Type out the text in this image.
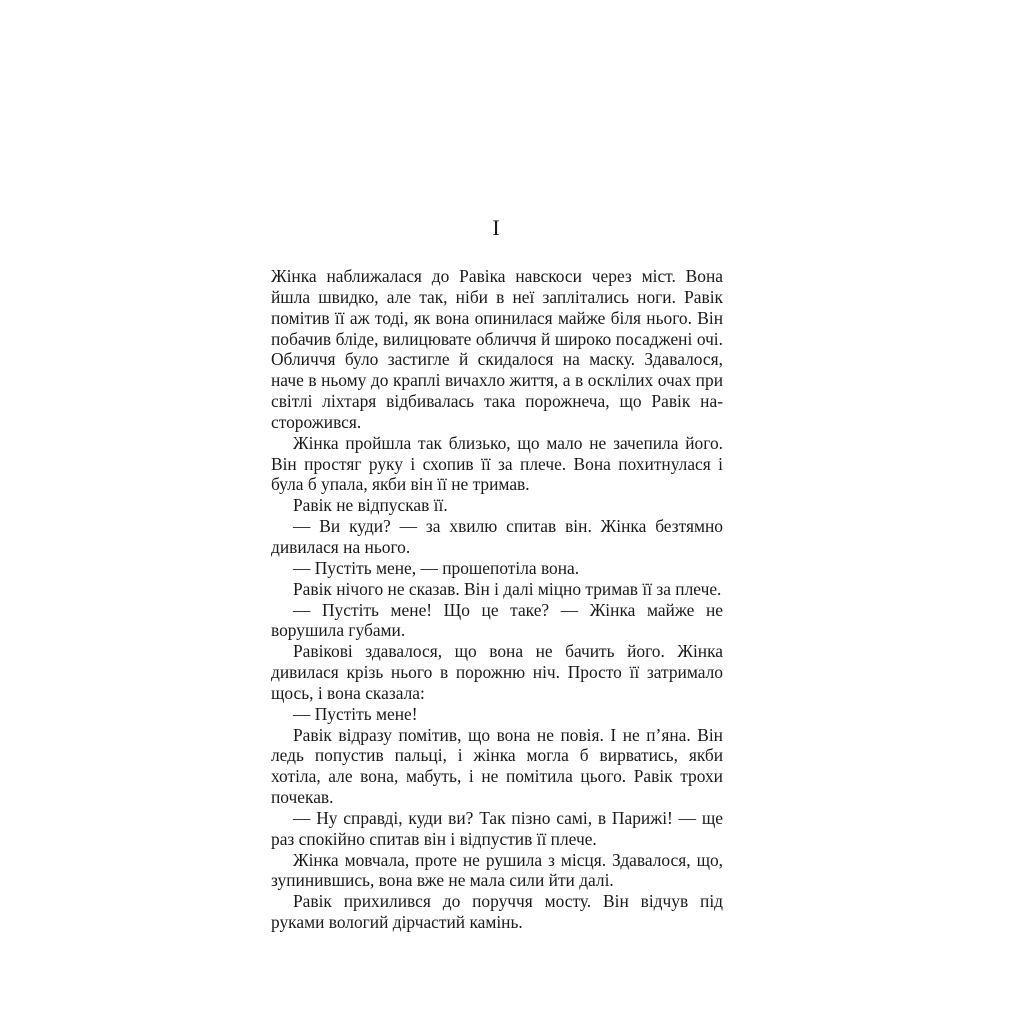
I

Жінка наближалася до Равіка навскоси через міст. Вона йшла швидко, але так, ніби в неї заплітались ноги. Равік помітив її аж тоді, як вона опинилася майже біля нього. Він побачив бліде, вилицювате обличчя й широко посаджені очі. Обличчя було застигле й скидалося на маску. Здавалося, наче в ньому до краплі вичахло життя, а в осклілих очах при світлі ліхтаря відбивалась така порожнеча, що Равік насторожився.

Жінка пройшла так близько, що мало не зачепила його. Він простяг руку і схопив її за плече. Вона похитнулася і була б упала, якби він її не тримав.

Равік не відпускав її.

— Ви куди? — за хвилю спитав він. Жінка безтямно дивилася на нього.

— Пустіть мене, — прошепотіла вона.

Равік нічого не сказав. Він і далі міцно тримав її за плече.

— Пустіть мене! Що це таке? — Жінка майже не ворушила губами.

Равікові здавалося, що вона не бачить його. Жінка дивилася крізь нього в порожню ніч. Просто її затримало щось, і вона сказала:

— Пустіть мене!

Равік відразу помітив, що вона не повія. І не п’яна. Він ледь попустив пальці, і жінка могла б вирватись, якби хотіла, але вона, мабуть, і не помітила цього. Равік трохи почекав.

— Ну справді, куди ви? Так пізно самі, в Парижі! — ще раз спокійно спитав він і відпустив її плече.

Жінка мовчала, проте не рушила з місця. Здавалося, що, зупинившись, вона вже не мала сили йти далі.

Равік прихилився до поруччя мосту. Він відчув під руками вологий дірчастий камінь.
